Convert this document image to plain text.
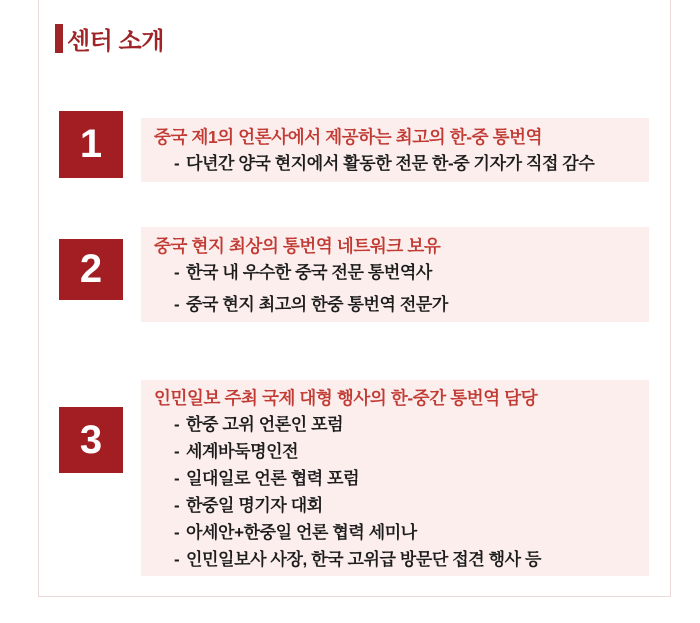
센터 소개
1	중국 제1의 언론사에서 제공하는 최고의 한-중 통번역
- 다년간 양국 현지에서 활동한 전문 한-중 기자가 직접 감수
2
중국 현지 최상의 통번역 네트워크 보유
- 한국 내 우수한 중국 전문 통번역사
- 중국 현지 최고의 한중 통번역 전문가
3
인민일보 주최 국제 대형 행사의 한-중간 통번역 담당
- 한중 고위 언론인 포럼
- 세계바둑명인전
- 일대일로 언론 협력 포럼
- 한중일 명기자 대회
- 아세안+한중일 언론 협력 세미나
- 인민일보사 사장, 한국 고위급 방문단 접견 행사 등
